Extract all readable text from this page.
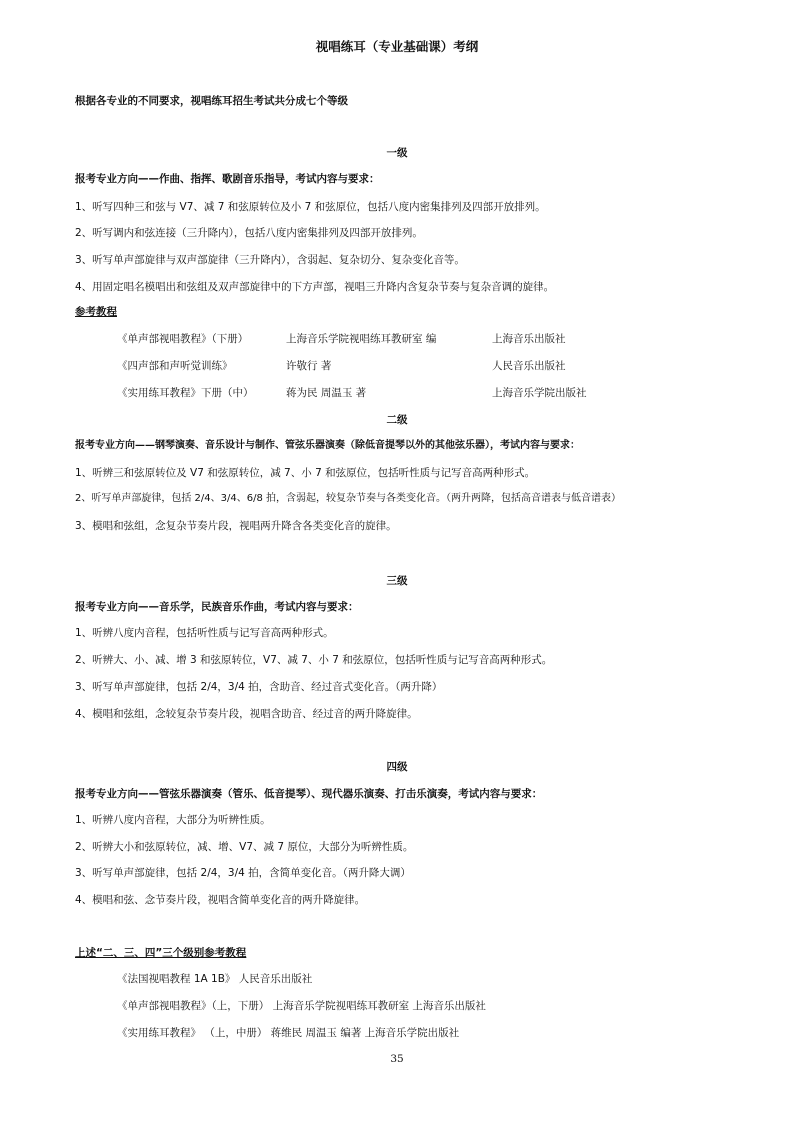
视唱练耳（专业基础课）考纲
根据各专业的不同要求，视唱练耳招生考试共分成七个等级
一级
报考专业方向——作曲、指挥、歌剧音乐指导，考试内容与要求：
1、听写四种三和弦与 V7、减 7 和弦原转位及小 7 和弦原位，包括八度内密集排列及四部开放排列。
2、听写调内和弦连接（三升降内），包括八度内密集排列及四部开放排列。
3、听写单声部旋律与双声部旋律（三升降内），含弱起、复杂切分、复杂变化音等。
4、用固定唱名模唱出和弦组及双声部旋律中的下方声部，视唱三升降内含复杂节奏与复杂音调的旋律。
参考教程
《单声部视唱教程》（下册）	上海音乐学院视唱练耳教研室 编	上海音乐出版社
《四声部和声听觉训练》	许敬行 著	人民音乐出版社
《实用练耳教程》下册（中）	蒋为民 周温玉 著	上海音乐学院出版社
二级
报考专业方向——钢琴演奏、音乐设计与制作、管弦乐器演奏（除低音提琴以外的其他弦乐器），考试内容与要求：
1、听辨三和弦原转位及 V7 和弦原转位，减 7、小 7 和弦原位，包括听性质与记写音高两种形式。
2、听写单声部旋律，包括 2/4、3/4、6/8 拍，含弱起，较复杂节奏与各类变化音。（两升两降，包括高音谱表与低音谱表）
3、模唱和弦组，念复杂节奏片段，视唱两升降含各类变化音的旋律。
三级
报考专业方向——音乐学，民族音乐作曲，考试内容与要求：
1、听辨八度内音程，包括听性质与记写音高两种形式。
2、听辨大、小、减、增 3 和弦原转位，V7、减 7、小 7 和弦原位，包括听性质与记写音高两种形式。
3、听写单声部旋律，包括 2/4，3/4 拍，含助音、经过音式变化音。（两升降）
4、模唱和弦组，念较复杂节奏片段，视唱含助音、经过音的两升降旋律。
四级
报考专业方向——管弦乐器演奏（管乐、低音提琴）、现代器乐演奏、打击乐演奏，考试内容与要求：
1、听辨八度内音程，大部分为听辨性质。
2、听辨大小和弦原转位，减、增、V7、减 7 原位，大部分为听辨性质。
3、听写单声部旋律，包括 2/4，3/4 拍，含简单变化音。（两升降大调）
4、模唱和弦、念节奏片段，视唱含简单变化音的两升降旋律。
上述“二、三、四”三个级别参考教程
《法国视唱教程 1A 1B》 人民音乐出版社
《单声部视唱教程》（上，下册） 上海音乐学院视唱练耳教研室 上海音乐出版社
《实用练耳教程》 （上，中册） 蒋维民 周温玉 编著 上海音乐学院出版社
35
